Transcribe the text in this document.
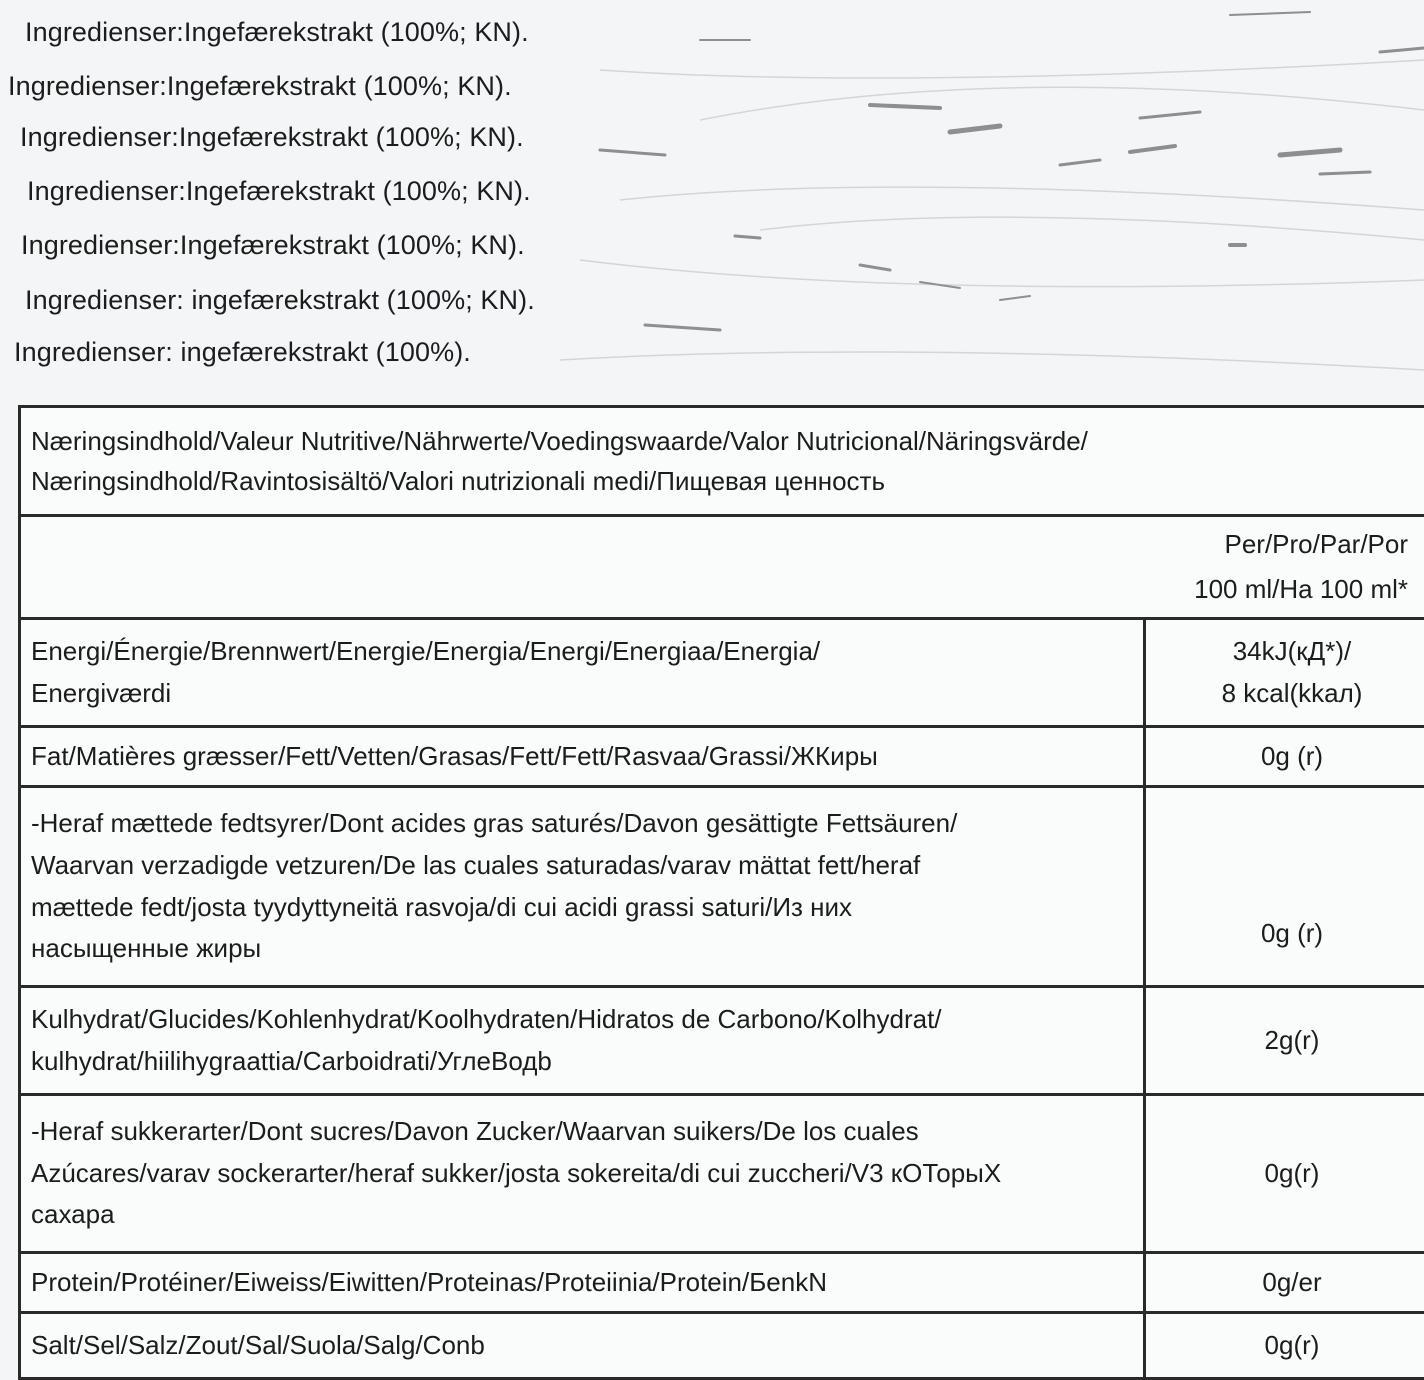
Ingredienser:Ingefærekstrakt (100%; KN).
Ingredienser:Ingefærekstrakt (100%; KN).
Ingredienser:Ingefærekstrakt (100%; KN).
Ingredienser:Ingefærekstrakt (100%; KN).
Ingredienser:Ingefærekstrakt (100%; KN).
Ingredienser: ingefærekstrakt (100%; KN).
Ingredienser: ingefærekstrakt (100%).
Næringsindhold/Valeur Nutritive/Nährwerte/Voedingswaarde/Valor Nutricional/Näringsvärde/
Næringsindhold/Ravintosisältö/Valori nutrizionali medi/Пищевая ценность	

Per/Pro/Par/Por
100 ml/Ha 100 ml*	

Energi/Énergie/Brennwert/Energie/Energia/Energi/Energiaa/Energia/
Energiværdi	34kJ(кД*)/
8 kcal(kkaл)

Fat/Matières græsser/Fett/Vetten/Grasas/Fett/Fett/Rasvaa/Grassi/ЖКиры	0g (r)

-Heraf mættede fedtsyrer/Dont acides gras saturés/Davon gesättigte Fettsäuren/
Waarvan verzadigde vetzuren/De las cuales saturadas/varav mättat fett/heraf
mættede fedt/josta tyydyttyneitä rasvoja/di cui acidi grassi saturi/Из них
насыщенные жиры	0g (r)

Kulhydrat/Glucides/Kohlenhydrat/Koolhydraten/Hidratos de Carbono/Kolhydrat/
kulhydrat/hiilihygraattia/Carboidrati/УглеВодb	2g(r)

-Heraf sukkerarter/Dont sucres/Davon Zucker/Waarvan suikers/De los cuales
Azúcares/varav sockerarter/heraf sukker/josta sokereita/di cui zuccheri/V3 кОТорыХ
сахара	0g(r)

Protein/Protéiner/Eiweiss/Eiwitten/Proteinas/Proteiinia/Protein/БenkN	0g/er

Salt/Sel/Salz/Zout/Sal/Suola/Salg/Conb	0g(r)
